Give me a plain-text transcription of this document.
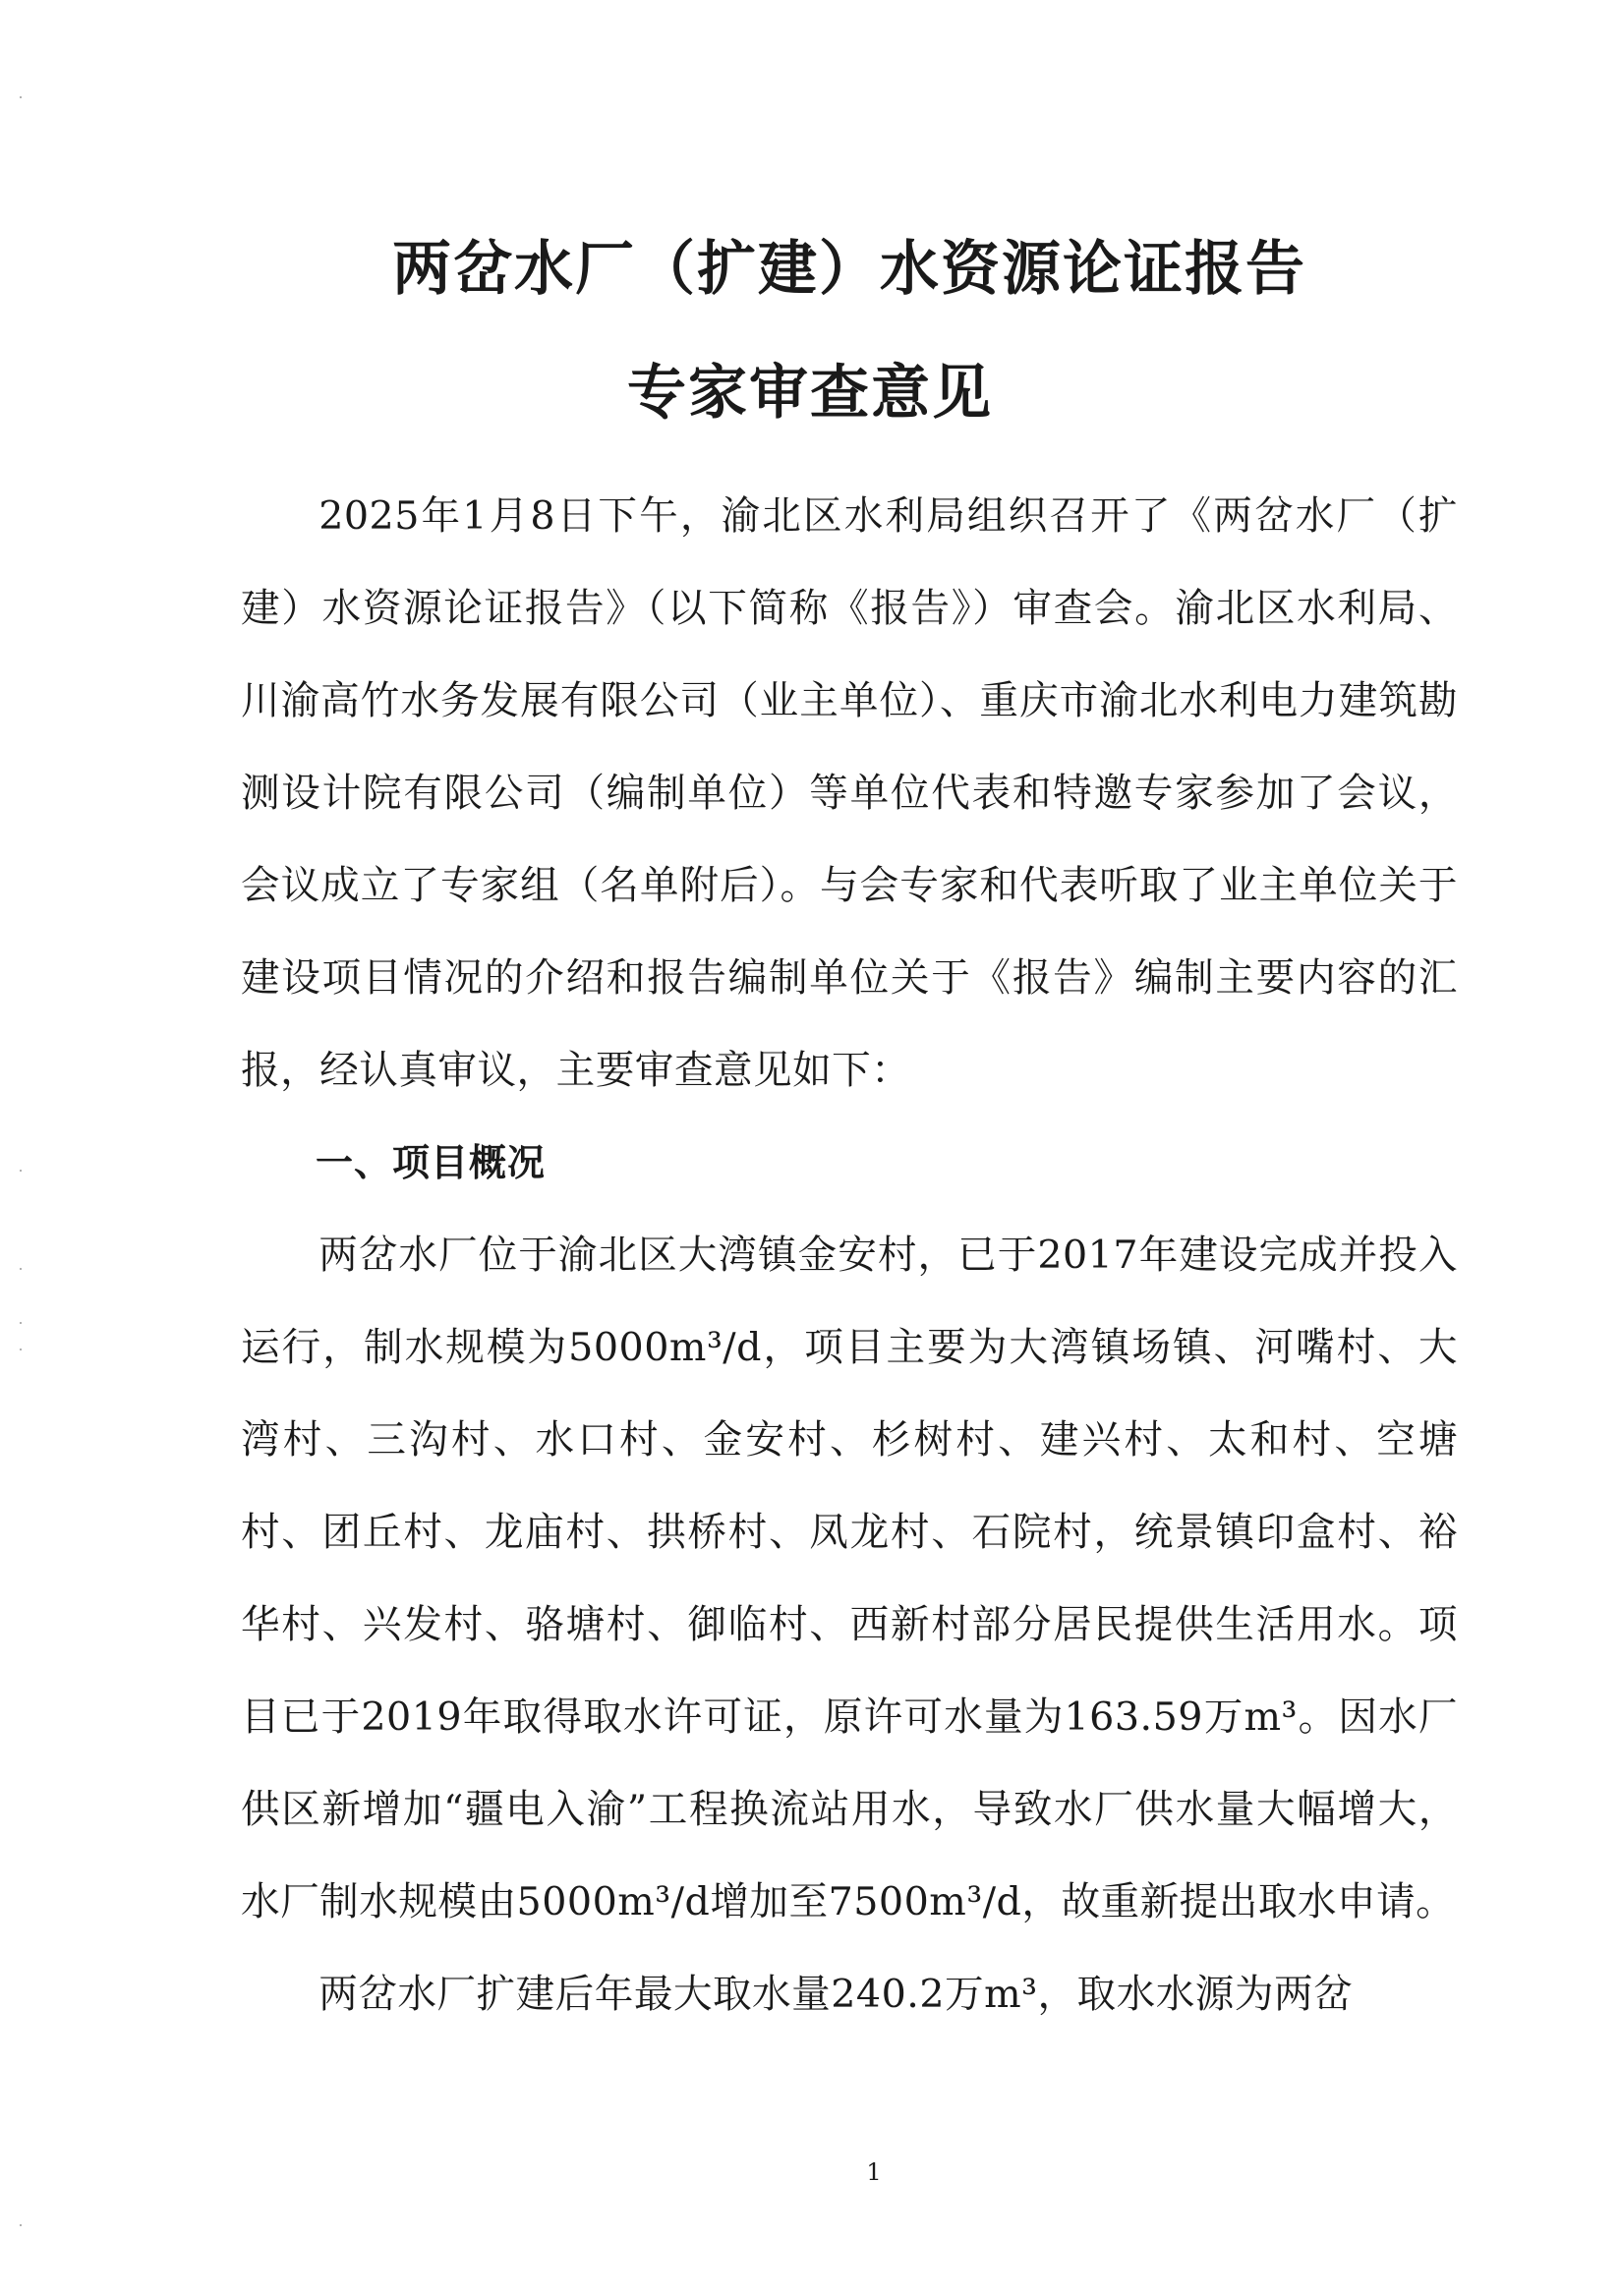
两岔水厂（扩建）水资源论证报告
专家审查意见

2025年1月8日下午，渝北区水利局组织召开了《两岔水厂（扩建）水资源论证报告》（以下简称《报告》）审查会。渝北区水利局、川渝高竹水务发展有限公司（业主单位）、重庆市渝北水利电力建筑勘测设计院有限公司（编制单位）等单位代表和特邀专家参加了会议，会议成立了专家组（名单附后）。与会专家和代表听取了业主单位关于建设项目情况的介绍和报告编制单位关于《报告》编制主要内容的汇报，经认真审议，主要审查意见如下：

一、项目概况

两岔水厂位于渝北区大湾镇金安村，已于2017年建设完成并投入运行，制水规模为5000m³/d，项目主要为大湾镇场镇、河嘴村、大湾村、三沟村、水口村、金安村、杉树村、建兴村、太和村、空塘村、团丘村、龙庙村、拱桥村、凤龙村、石院村，统景镇印盒村、裕华村、兴发村、骆塘村、御临村、西新村部分居民提供生活用水。项目已于2019年取得取水许可证，原许可水量为163.59万m³。因水厂供区新增加“疆电入渝”工程换流站用水，导致水厂供水量大幅增大，水厂制水规模由5000m³/d增加至7500m³/d，故重新提出取水申请。

两岔水厂扩建后年最大取水量240.2万m³，取水水源为两岔

1
